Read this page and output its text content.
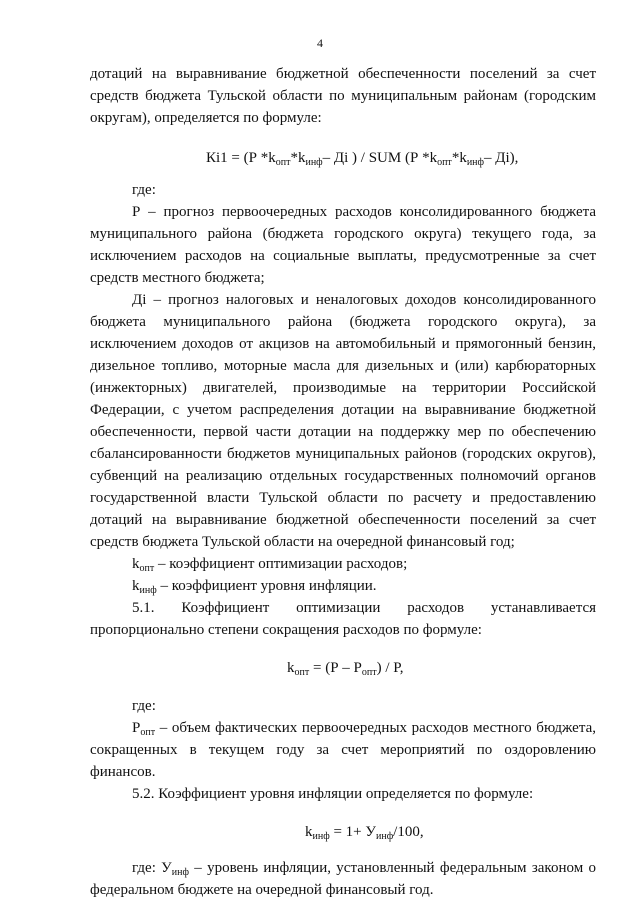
4
дотаций на выравнивание бюджетной обеспеченности поселений за счет
средств бюджета Тульской области по муниципальным районам (городским
округам), определяется по формуле:
Кi1 = (Р $*k_{опт}*k_{инф}-$ Дi ) / SUM (Р $*k_{опт}*k_{инф}-$ Дi),
где:
Р – прогноз первоочередных расходов консолидированного бюджета
муниципального района (бюджета городского округа) текущего года, за
исключением расходов на социальные выплаты, предусмотренные за счет
средств местного бюджета;
Дi – прогноз налоговых и неналоговых доходов консолидированного
бюджета муниципального района (бюджета городского округа), за
исключением доходов от акцизов на автомобильный и прямогонный бензин,
дизельное топливо, моторные масла для дизельных и (или) карбюраторных
(инжекторных) двигателей, производимые на территории Российской
Федерации, с учетом распределения дотации на выравнивание бюджетной
обеспеченности, первой части дотации на поддержку мер по обеспечению
сбалансированности бюджетов муниципальных районов (городских округов),
субвенций на реализацию отдельных государственных полномочий органов
государственной власти Тульской области по расчету и предоставлению
дотаций на выравнивание бюджетной обеспеченности поселений за счет
средств бюджета Тульской области на очередной финансовый год;
$k_{опт}$ – коэффициент оптимизации расходов;
$k_{инф}$ – коэффициент уровня инфляции.
5.1. Коэффициент оптимизации расходов устанавливается
пропорционально степени сокращения расходов по формуле:
$k_{опт} = (Р - Р_{опт}) / Р$,
где:
$Р_{опт}$ – объем фактических первоочередных расходов местного бюджета,
сокращенных в текущем году за счет мероприятий по оздоровлению
финансов.
5.2. Коэффициент уровня инфляции определяется по формуле:
$k_{инф} = 1+ У_{инф}/100$,
где: $У_{инф}$ – уровень инфляции, установленный федеральным законом о
федеральном бюджете на очередной финансовый год.
